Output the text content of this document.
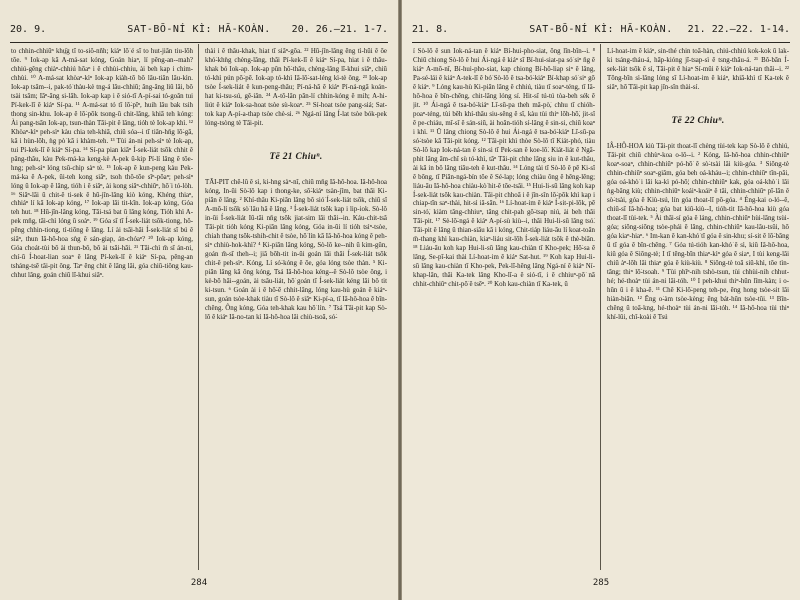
20. 9.	SAT-BŌ-NÍ KÌ: HĀ-KOÀN.	20. 26.—21. 1-7.

to chhin-chhiūⁿ khṳ̄g tī to-siô-nñh; kiáⁿ lō͘ é sī to hut-jiân tiu-lōh tōe. ⁹ Iok-ap kā A-má-sat kóng, Goán hiaⁿ, lí pêng-an--mah? chhiú-gêng chiàⁿ-chhiú hōaⁿ i ê chhùi-chhiu, ài beh kap i chim-chhùi. ¹⁰ A-má-sat khòaⁿ-kìⁿ Iok-ap kiàh-tō bô lâu-tiân lâu-kìn. Iok-ap tsâm--i, pak-tó͘ thàu-kè tng-á lâu-chhiū; âng-âng liû lâi, bô tsài tsâm; Iāⁿ-āng si-lâh. Iok-ap kap i ê sió-tī A-pí-sai tó-goân tui Pí-kek-lî ê kiáⁿ Sí-pa. ¹¹ A-má-sat tó tī lō͘-pīⁿ, huih lâu bak tsih thong sin-khu. Iok-ap ê lō͘-pōk tsong-ū chit-lâng, khiā teh kóng: Ài pang-tsān Iok-ap, tsun-thàn Tāi-pit ê lâng, tióh tè Iok-ap khì. ¹² Khòaⁿ-kìⁿ peh-sìⁿ kàu chia teh-khiā, chiū sóa--i tī tiân-hn̄g lō͘-gā, kâ i hùn-lōh, ǹg pò͘ kā i khàm-teh. ¹³ Tùi án-ni peh-sìⁿ tè Iok-ap, tui Pí-kek-lî ê kiáⁿ Sí-pa. ¹⁴ Sí-pa pian kiâⁿ Í-sek-liát tsōk chhit ê pâng-thâu, kàu Pek-má-ka keng-kè A-pek ū-kip Pí-lí lâng ê tōe-hng; peh-sìⁿ lóng tsû-chip sàⁿ tè. ¹⁵ Iok-ap ê kun-peng kàu Pek-má-ka ê A-pek, ūi-teh kong siâⁿ, tsoh thô-tōe sīⁿ-pōaⁿ; peh-sìⁿ lóng ū Iok-ap ê lâng, tióh i ê siâⁿ, ài kong siâⁿ-chhiûⁿ, hō͘ i tó-lòh. ¹⁶ Siâⁿ-lāi ū chit-ê ti-sek ê hū-jîn-lâng kiò kóng, Khéng thiaⁿ, chhiáⁿ lí kā Iok-ap kóng, ¹⁷ Iok-ap lâi tit-kīn. Iok-ap kóng, Góa teh hut. ¹⁸ Hū-jîn-lâng kóng, Tāi-tsá bat ū lâng kóng, Tióh khì A-pek mn̄g, tāi-chì lóng ū soàⁿ. ¹⁹ Góa sī tī Í-sek-liát tsōk-tiong, hô-pêng chhin-tiong, tì-tiōng ê lâng. Lí ài tsāi-hāi Í-sek-liát sī bú ê siâⁿ, thun Iâ-hô-hoa sǹg ê sán-giap, án-chóaⁿ? ²⁰ Iok-ap kóng, Góa choát-tùi bô ài thun-bô, bô ài tsāi-hāi. ²¹ Tāi-chì m̄ sī án-ni, chí-ū Í-hoat-lian soaⁿ ê lâng Pí-kek-lî ê kiáⁿ Sí-pa, pêng-an tsháng-tsē tâi-pit ông. Taⁿ ēng chit ê lâng lâi, góa chiū-tiông kau-chhut lâng, goán chiū lī-khui siâⁿ.

thài i ê thâu-khak, hiat tī siâⁿ-gōa. ²² Hū-jîn-lâng ēng tì-hūi ê ōe khó͘-khǹg chèng-lâng, thāi Pí-kek-lî ê kiáⁿ Sí-pa, hiat i ê thâu-khak bó Iok-ap. Iok-ap pûn hō͘-thâu, chèng-lâng lī-khui siâⁿ, chiū tó-khì pún pō͘-pē. Iok-ap tó-khì Iâ-lō͘-sat-léng kì-tè ông. ²³ Iok-ap tsòe Í-sek-liát ê kun-peng-thâu; Pí-ná-hā ê kiáⁿ Pí-ná-ngā koán-hat ki-tsu-sú, gê-iân. ²⁴ A-tô-lân pān-lí chhin-kóng ê mih; A-hi-liút ê kiáⁿ Iok-sa-hoat tsòe sù-koaⁿ. ²⁵ Sí-hoat tsòe pang-siá; Sat-tok kap A-pí-a-thap tsòe chè-si. ²⁶ Ngá-ní lâng Í-lat tsòe bók-pek lóng-tsòng tè Tāi-pit.

Tē 21 Chiuⁿ.

TĀI-PIT chê-lû ê sì, ki-hng sàⁿ-nî, chiū mn̄g Iâ-hô-hoa. Iâ-hô-hoa kóng, In-ūi Sò͘-lô kap i thong-ke, sō͘-kiáⁿ tsàn-jîm, bat thāi Ki-piān ê lâng. ² Khí-thâu Ki-piān lâng bô sió͘ Í-sek-liát tsōk, chiū sī A-mō-lí tsōk sò͘ lâu hâ ê lâng. ³ Í-sek-liát tsōk kap i lip-iok. Sò-lô in-ūi Í-sek-liát Iû-tāi nn̄g tsōk jiat-sim lâi thāi--in. Káu-chit-tsâ Tāi-pit tióh kóng Ki-piān lâng kóng, Góa in-ūi lí tióh tsìⁿ-tsòe, chiah thang tsōk-tshih-chit ê tsòe, hō͘ lín kā Iâ-hô-hoa kóng ê peh-sìⁿ chhiù-hok-khì? ⁴ Ki-piān lâng kóng, Sò-lô ke--nih ū kim-gûn, goán m̄-sī theh--i; jiâ bōh-tit in-ūi goán lāi thāi Í-sek-liát tsōk chit-ê peh-sìⁿ. Kóng, Lí só͘-kóng ê ōe, góa lóng tsòe thàn. ⁵ Ki-piān lâng kā ông kóng, Tsá Iâ-hô-hoa kéng--ê Sò-lô tsòe ông, i kè-bō hāi--goán, ài tsâu-liát, hō͘ goán tī Í-sek-liát kéng lâi bô tit ki-tsun. ⁶ Goán ài i ê hō͘-ē chhit-lâng, lóng kau-hù goán ê kiáⁿ-sun, goán tsòe-khak tiàu tī Sò-lô ê siâⁿ Ki-pí-a, tī Iâ-hô-hoa ê bīn-chêng. Ông kóng, Góa teh-khak kau hō͘ lín. ⁷ Tsá Tāi-pit kap Sò-lô ê kiáⁿ Iâ-no-tan kì Iâ-hô-hoa lâi chiù-tsoā, só͘-

284
21. 8.	SAT-BŌ-NÍ KÌ: HĀ-KOÀN.	21. 22.—22. 1-14.

í Sò-lô ê sun Iok-ná-tan ê kiáⁿ Bí-hui-pho-siat, ōng lîn-bîn--i. ⁸ Chiū chiong Sò-lô ê hui Ái-ngá ê kiáⁿ sī Bí-hui-siat-pa só͘ siⁿ n̄g ê kiáⁿ A-mō-nî, Bí-hui-pho-siat, kap chiong Bí-hô-liap siⁿ ê lâng, Pa-sé-lái ê kiáⁿ A-tek-lî ê bó͘ Sò-lô ê tsa-bó͘-kiáⁿ Bí-khap só͘ siⁿ gō͘ ê kiáⁿ. ⁹ Lóng kau-hù Ki-piān lâng ê chhiú, tiàu tī soaⁿ-téng, tī Iâ-hô-hoa ê bīn-chêng, chit-lâng lóng sí. Hit-sî tú-tú tòa-beh sék ê jit. ¹⁰ Ái-ngá ê tsa-bó͘-kiáⁿ Lī-sū-pa theh mâ-pò͘, chhu tī chióh-poaⁿ-téng, tùi bêh khí-thâu siu-sêng ê sî, kàu tùi thiⁿ lōh-hō͘, jit-sî ê pe-chiáu, mî-sî ê sán-siū, ài hoân-tióh sí-lâng ê sin-si, chiū koaⁿ i khì. ¹¹ Ū lâng chiong Sò-lô ê hui Ái-ngá ê tsa-bó͘-kiáⁿ Lī-sū-pa só͘-tsòe kā Tāi-pit kóng. ¹² Tāi-pit khì thòe Sò-lô tī Kiát-phó, tiàu Sò-lô kap Iok-ná-tan ê sin-si tī Pek-san ê koe-lō͘. Kiát-liát ê Ngā-phit lâng ām-chî sù tó-khì, tāⁿ Tāi-pit chhe lâng siu in ê kut-thâu, ài kā in bô lâng tiāu-teh ê kut-thâu. ¹⁴ Lóng tài tī Sò-lô ê pē Ki-sī ê bōng, tī Piān-ngá-bín tōe ê Sé-lap; lóng chiàu ông ê hêng-lêng; liáu-āu Iâ-hô-hoa chiàu-kò͘ hit-ê tōe-tsâi. ¹⁵ Hui-li-sū lâng koh kap Í-sek-liát tsōk kau-chiàn. Tāi-pit chhoā i ê jîn-sîn lō͘-pōk khì kap i chiap-tīn saⁿ-thài, hit-sì iâ-sān. ¹⁶ Lí-hoat-im ê kiáⁿ Í-sit-pi-lōk, pē sin-tó͘, kiàm tâng-chhiuⁿ, tâng chit-pah gō͘-tsap niú, ài beh thâi Tāi-pit. ¹⁷ Sè-lō͘-ngá ê kiáⁿ A-pí-sù kiù--i, thâi Hui-li-sū lâng tsó͘. Tāi-pit ê lâng ū thian-siâu kā i kóng, Chit-tiáp liáu-āu lí koat-toān m̄-thang khì kau-chiàn, kiaⁿ-liáu sit-lōh Í-sek-liát tsōk ê thè-biān. ¹⁸ Liáu-āu koh kap Hui-li-sū lâng kau-chiàn tī Kho-pek; Hō͘-sa ê lâng, Se-pī-kai thài Lí-hoat-im ê kiáⁿ Sat-hut. ¹⁹ Koh kap Hui-li-sū lâng kau-chiàn tī Kho-pek, Pek-lī-hêng lâng Ngá-ní ê kiáⁿ Ní-khap-lân, thāi Ka-tek lâng Kho-lī-a ê sió-tī, i ê chhiuⁿ-pō͘ nā chhit-chhiûⁿ chit-pō͘ ê tsēⁿ. ²⁰ Koh kau-chiàn tī Ka-tek, ū

Lí-hoat-im ê kiáⁿ, sin-thé chin toā-hàn, chiú-chhiú kok-kok ū lak-ki tsáng-tháu-á, hāp-kióng jī-tsap-sì ê tsng-thâu-á. ²¹ Bô-bān Í-sek-liát tsōk ê sì, Tāi-pit ê hiaⁿ Sí-mûi ê kiáⁿ Iok-ná-tan thāi--i. ²² Tōng-bīn sì-lâng lóng sī Lí-hoat-im ê kiáⁿ, khiā-khì tī Ka-tek ê siâⁿ, hō͘ Tāi-pit kap jîn-sîn thài-sí.

Tē 22 Chiuⁿ.

IÂ-HÔ-HOA kiù Tāi-pit thoat-lī chèng tùi-tek kap Sò-lô ê chhiú, Tāi-pit chiū chhùⁿ-koa o-lô--i. ² Kóng, Iâ-hô-hoa chhin-chhiūⁿ koaⁿ-soaⁿ, chhin-chhiūⁿ pó-hō͘ ê sò͘-tsài lâi kiù-góa. ³ Siōng-tè chhin-chhiūⁿ soaⁿ-giâm, góa beh oá-kháu--i; chhin-chhiūⁿ tîn-pâi, góa oá-khò͘ i lâi ka-kì pó-hō͘; chhin-chhiūⁿ kak, góa oá-khò͘ i lâi ǹg-bâng kiù; chhin-chhiūⁿ koáiⁿ-koáiⁿ ê tâi, chhin-chhiūⁿ pī-lān ê sò͘-tsài, góa ê Kiù-tsú, lín góa thoat-lī pō-góa. ⁴ Éng-kai o-ló--ê, chiū-sī Iâ-hô-hoa; góa bat kiû-kiù--I, tióh-tit Iâ-hô-hoa kiù góa thoat-lī tùi-tek. ⁵ Ài thāi-sí góa ê láng, chhin-chhiūⁿ hùi-lāng tsùi-góa; siōng-siōng tsòe-phái ê lâng, chhin-chhiūⁿ kau-lâu-tsûi, hō͘ góa kiaⁿ-hiaⁿ. ⁶ Im-kan ê kan-khó͘ tī góa ê sin-khu; sí-sit ê lō͘-bāng ū tī góa ê bīn-chêng. ⁷ Góa tú-tióh kan-khó͘ ê sì, kiû Iâ-hô-hoa, kiû góa ê Siōng-tè; I tī tēng-bīn thiaⁿ-kìⁿ góa ê siaⁿ, I tùi keng-lâi chiū àⁿ-lōh lâi thiaⁿ góa ê kiù-kiù. ⁸ Siōng-tè toā siū-khì, tōe tìn-tāng; thiⁿ lō͘-tsoah. ⁹ Tùi phīⁿ-nih tshò-tsun, tùi chhùi-nih chhut-hé; hé-thoàⁿ tùi án-ni lāi-tóh. ¹⁰ I peh-khui thiⁿ-hūn lîm-kàn; i o-hūn ū i ê kha-ē. ¹¹ Chē Ki-lō͘-peng teh-pe, ēng hong tsòe-sit lâi hiàn-biān. ¹² Ēng o͘-àm tsòe-kèng; ēng bát-hūn tsòe-tūi. ¹³ Bīn-chêng ū toā-kng, hé-thoàⁿ tùi án-ni lāi-tóh. ¹⁴ Iâ-hô-hoa tùi thiⁿ khí-lûi, chî-koài ê Tsú

285
